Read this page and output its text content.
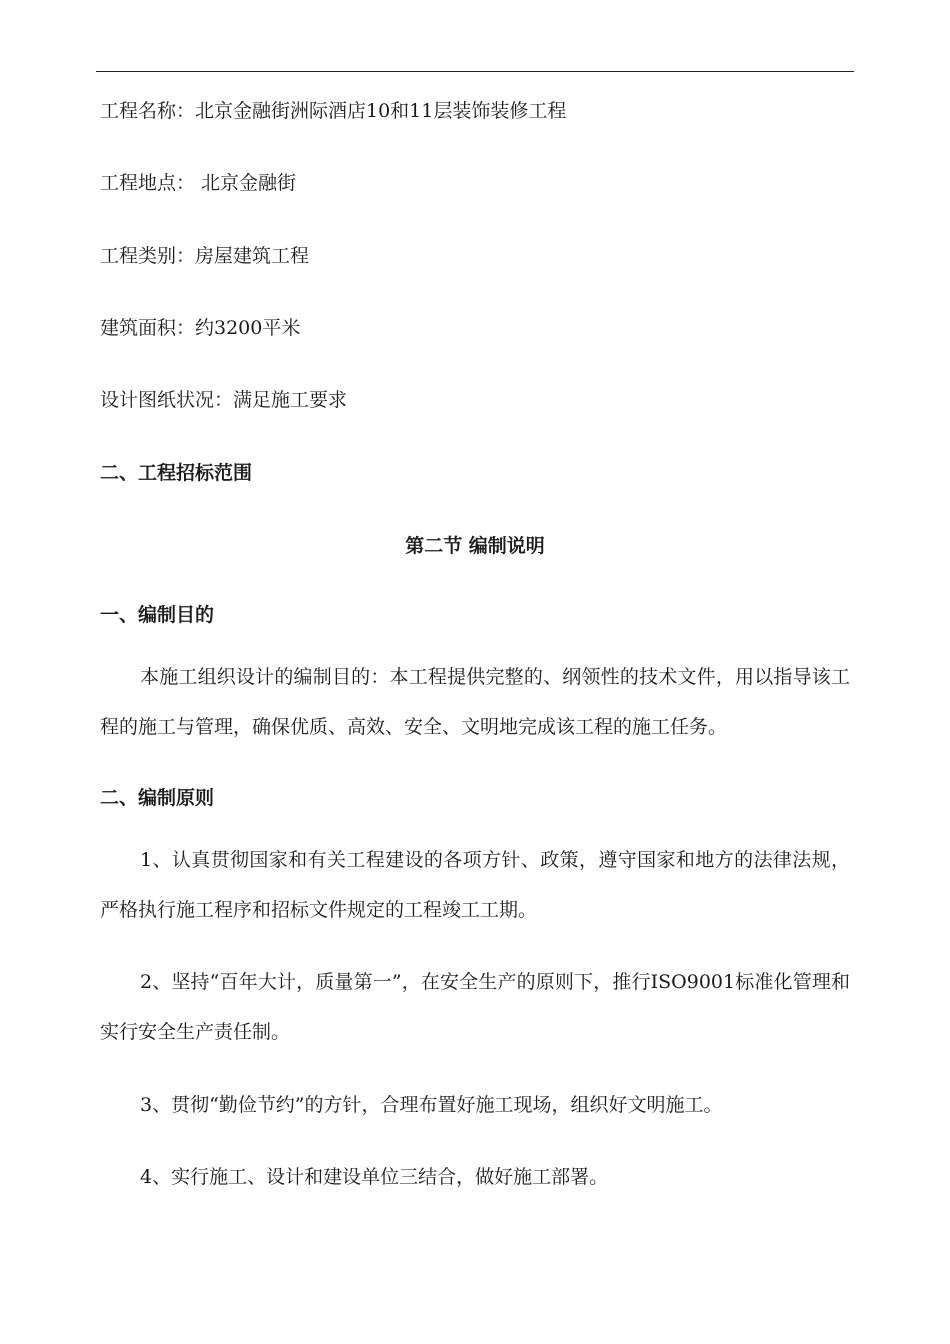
工程名称：北京金融街洲际酒店10和11层装饰装修工程
工程地点： 北京金融街
工程类别：房屋建筑工程
建筑面积：约3200平米
设计图纸状况：满足施工要求
二、工程招标范围
第二节 编制说明
一、编制目的
本施工组织设计的编制目的：本工程提供完整的、纲领性的技术文件，用以指导该工程的施工与管理，确保优质、高效、安全、文明地完成该工程的施工任务。
二、编制原则
1、认真贯彻国家和有关工程建设的各项方针、政策，遵守国家和地方的法律法规，严格执行施工程序和招标文件规定的工程竣工工期。
2、坚持“百年大计，质量第一”，在安全生产的原则下，推行ISO9001标准化管理和实行安全生产责任制。
3、贯彻“勤俭节约”的方针，合理布置好施工现场，组织好文明施工。
4、实行施工、设计和建设单位三结合，做好施工部署。
